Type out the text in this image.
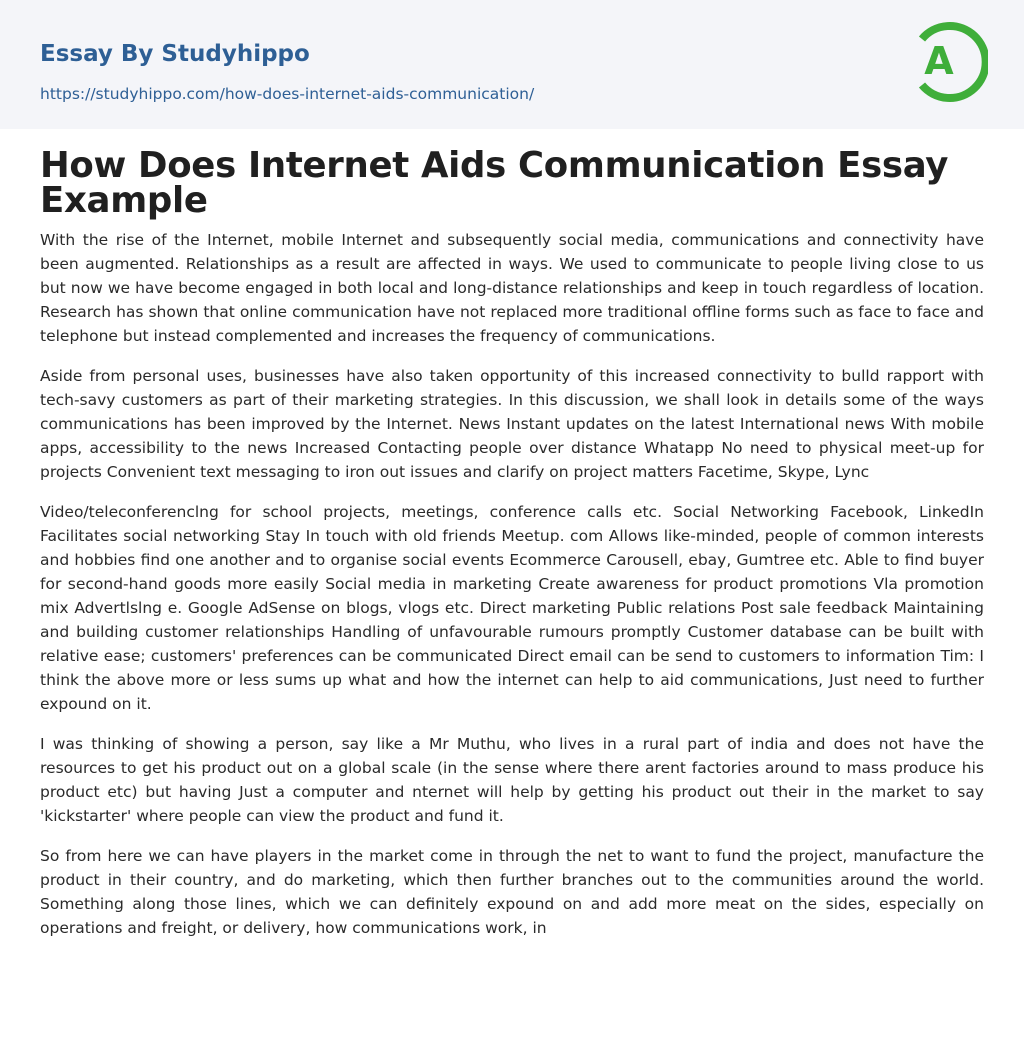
Essay By Studyhippo
https://studyhippo.com/how-does-internet-aids-communication/
A
How Does Internet Aids Communication Essay Example

With the rise of the Internet, mobile Internet and subsequently social media, communications and connectivity have been augmented. Relationships as a result are affected in ways. We used to communicate to people living close to us but now we have become engaged in both local and long-distance relationships and keep in touch regardless of location. Research has shown that online communication have not replaced more traditional offline forms such as face to face and telephone but instead complemented and increases the frequency of communications.

Aside from personal uses, businesses have also taken opportunity of this increased connectivity to bulld rapport with tech-savy customers as part of their marketing strategies. In this discussion, we shall look in details some of the ways communications has been improved by the Internet. News Instant updates on the latest International news With mobile apps, accessibility to the news Increased Contacting people over distance Whatapp No need to physical meet-up for projects Convenient text messaging to iron out issues and clarify on project matters Facetime, Skype, Lync

Video/teleconferenclng for school projects, meetings, conference calls etc. Social Networking Facebook, LinkedIn Facilitates social networking Stay In touch with old friends Meetup. com Allows like-minded, people of common interests and hobbies find one another and to organise social events Ecommerce Carousell, ebay, Gumtree etc. Able to find buyer for second-hand goods more easily Social media in marketing Create awareness for product promotions Vla promotion mix Advertlslng e. Google AdSense on blogs, vlogs etc. Direct marketing Public relations Post sale feedback Maintaining and building customer relationships Handling of unfavourable rumours promptly Customer database can be built with relative ease; customers' preferences can be communicated Direct email can be send to customers to information Tim: I think the above more or less sums up what and how the internet can help to aid communications, Just need to further expound on it.

I was thinking of showing a person, say like a Mr Muthu, who lives in a rural part of india and does not have the resources to get his product out on a global scale (in the sense where there arent factories around to mass produce his product etc) but having Just a computer and nternet will help by getting his product out their in the market to say 'kickstarter' where people can view the product and fund it.

So from here we can have players in the market come in through the net to want to fund the project, manufacture the product in their country, and do marketing, which then further branches out to the communities around the world. Something along those lines, which we can definitely expound on and add more meat on the sides, especially on operations and freight, or delivery, how communications work, in
